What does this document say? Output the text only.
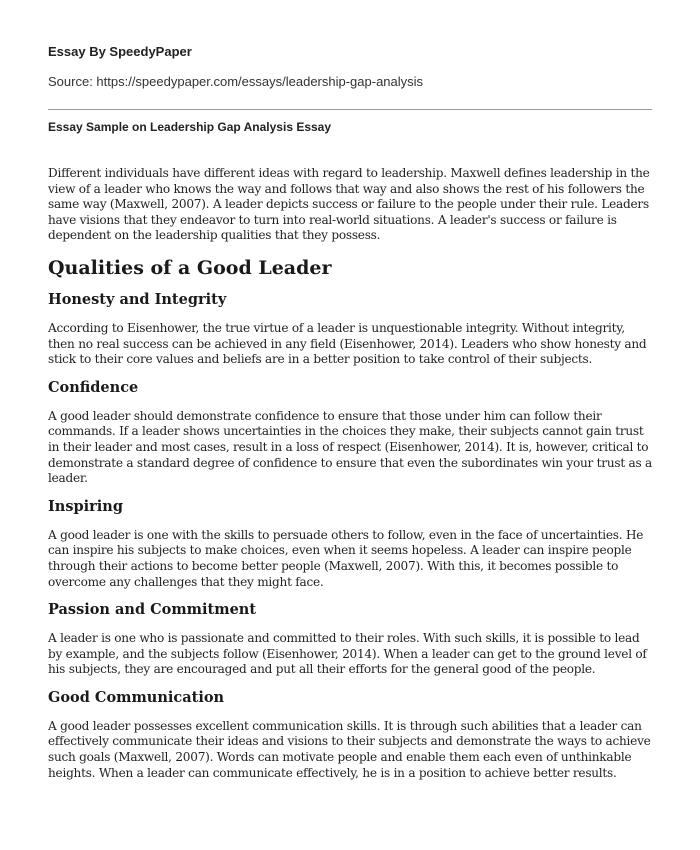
Essay By SpeedyPaper
Source: https://speedypaper.com/essays/leadership-gap-analysis
Essay Sample on Leadership Gap Analysis Essay

Different individuals have different ideas with regard to leadership. Maxwell defines leadership in the view of a leader who knows the way and follows that way and also shows the rest of his followers the same way (Maxwell, 2007). A leader depicts success or failure to the people under their rule. Leaders have visions that they endeavor to turn into real-world situations. A leader's success or failure is dependent on the leadership qualities that they possess.

Qualities of a Good Leader
Honesty and Integrity

According to Eisenhower, the true virtue of a leader is unquestionable integrity. Without integrity, then no real success can be achieved in any field (Eisenhower, 2014). Leaders who show honesty and stick to their core values and beliefs are in a better position to take control of their subjects.

Confidence

A good leader should demonstrate confidence to ensure that those under him can follow their commands. If a leader shows uncertainties in the choices they make, their subjects cannot gain trust in their leader and most cases, result in a loss of respect (Eisenhower, 2014). It is, however, critical to demonstrate a standard degree of confidence to ensure that even the subordinates win your trust as a leader.

Inspiring

A good leader is one with the skills to persuade others to follow, even in the face of uncertainties. He can inspire his subjects to make choices, even when it seems hopeless. A leader can inspire people through their actions to become better people (Maxwell, 2007). With this, it becomes possible to overcome any challenges that they might face.

Passion and Commitment

A leader is one who is passionate and committed to their roles. With such skills, it is possible to lead by example, and the subjects follow (Eisenhower, 2014). When a leader can get to the ground level of his subjects, they are encouraged and put all their efforts for the general good of the people.

Good Communication

A good leader possesses excellent communication skills. It is through such abilities that a leader can effectively communicate their ideas and visions to their subjects and demonstrate the ways to achieve such goals (Maxwell, 2007). Words can motivate people and enable them each even of unthinkable heights. When a leader can communicate effectively, he is in a position to achieve better results.
